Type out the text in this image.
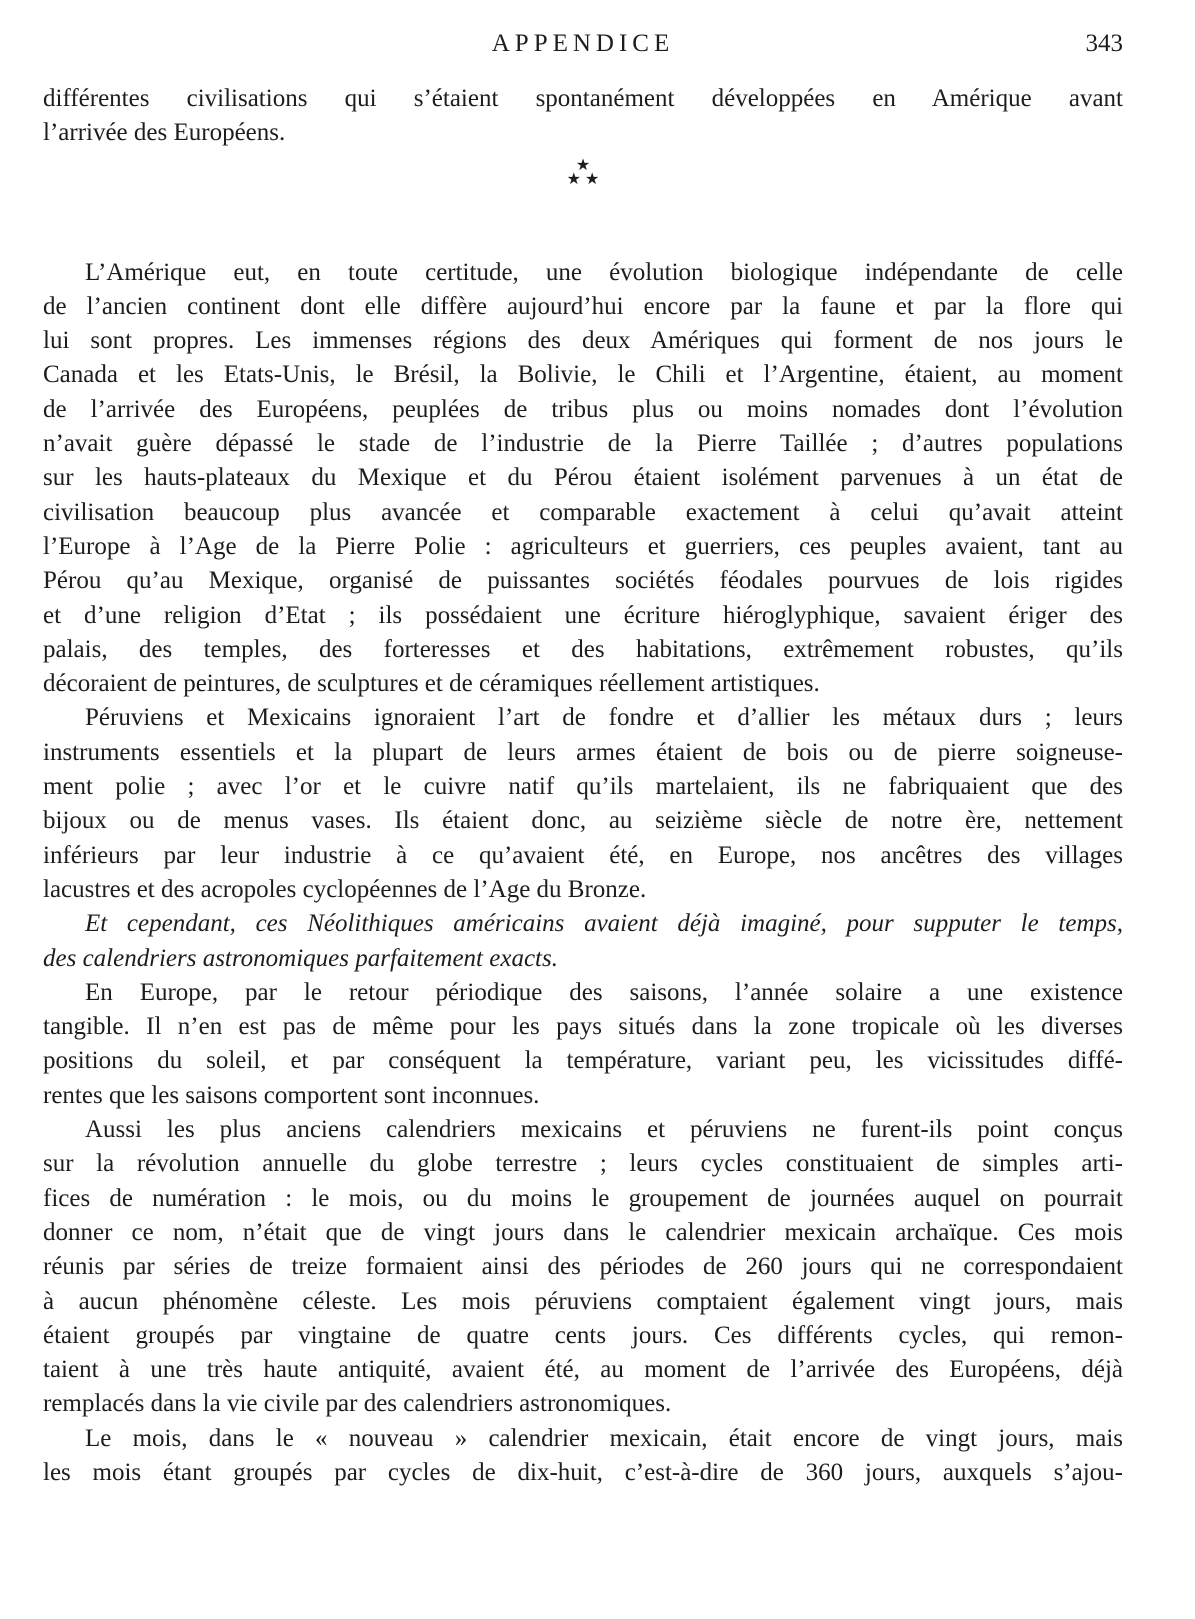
APPENDICE	343

différentes civilisations qui s’étaient spontanément développées en Amérique avant
l’arrivée des Européens.

★
★ ★

L’Amérique eut, en toute certitude, une évolution biologique indépendante de celle
de l’ancien continent dont elle diffère aujourd’hui encore par la faune et par la flore qui
lui sont propres. Les immenses régions des deux Amériques qui forment de nos jours le
Canada et les Etats-Unis, le Brésil, la Bolivie, le Chili et l’Argentine, étaient, au moment
de l’arrivée des Européens, peuplées de tribus plus ou moins nomades dont l’évolution
n’avait guère dépassé le stade de l’industrie de la Pierre Taillée ; d’autres populations
sur les hauts-plateaux du Mexique et du Pérou étaient isolément parvenues à un état de
civilisation beaucoup plus avancée et comparable exactement à celui qu’avait atteint
l’Europe à l’Age de la Pierre Polie : agriculteurs et guerriers, ces peuples avaient, tant au
Pérou qu’au Mexique, organisé de puissantes sociétés féodales pourvues de lois rigides
et d’une religion d’Etat ; ils possédaient une écriture hiéroglyphique, savaient ériger des
palais, des temples, des forteresses et des habitations, extrêmement robustes, qu’ils
décoraient de peintures, de sculptures et de céramiques réellement artistiques.

Péruviens et Mexicains ignoraient l’art de fondre et d’allier les métaux durs ; leurs
instruments essentiels et la plupart de leurs armes étaient de bois ou de pierre soigneuse-
ment polie ; avec l’or et le cuivre natif qu’ils martelaient, ils ne fabriquaient que des
bijoux ou de menus vases. Ils étaient donc, au seizième siècle de notre ère, nettement
inférieurs par leur industrie à ce qu’avaient été, en Europe, nos ancêtres des villages
lacustres et des acropoles cyclopéennes de l’Age du Bronze.

Et cependant, ces Néolithiques américains avaient déjà imaginé, pour supputer le temps,
des calendriers astronomiques parfaitement exacts.

En Europe, par le retour périodique des saisons, l’année solaire a une existence
tangible. Il n’en est pas de même pour les pays situés dans la zone tropicale où les diverses
positions du soleil, et par conséquent la température, variant peu, les vicissitudes diffé-
rentes que les saisons comportent sont inconnues.

Aussi les plus anciens calendriers mexicains et péruviens ne furent-ils point conçus
sur la révolution annuelle du globe terrestre ; leurs cycles constituaient de simples arti-
fices de numération : le mois, ou du moins le groupement de journées auquel on pourrait
donner ce nom, n’était que de vingt jours dans le calendrier mexicain archaïque. Ces mois
réunis par séries de treize formaient ainsi des périodes de 260 jours qui ne correspondaient
à aucun phénomène céleste. Les mois péruviens comptaient également vingt jours, mais
étaient groupés par vingtaine de quatre cents jours. Ces différents cycles, qui remon-
taient à une très haute antiquité, avaient été, au moment de l’arrivée des Européens, déjà
remplacés dans la vie civile par des calendriers astronomiques.

Le mois, dans le « nouveau » calendrier mexicain, était encore de vingt jours, mais
les mois étant groupés par cycles de dix-huit, c’est-à-dire de 360 jours, auxquels s’ajou-
